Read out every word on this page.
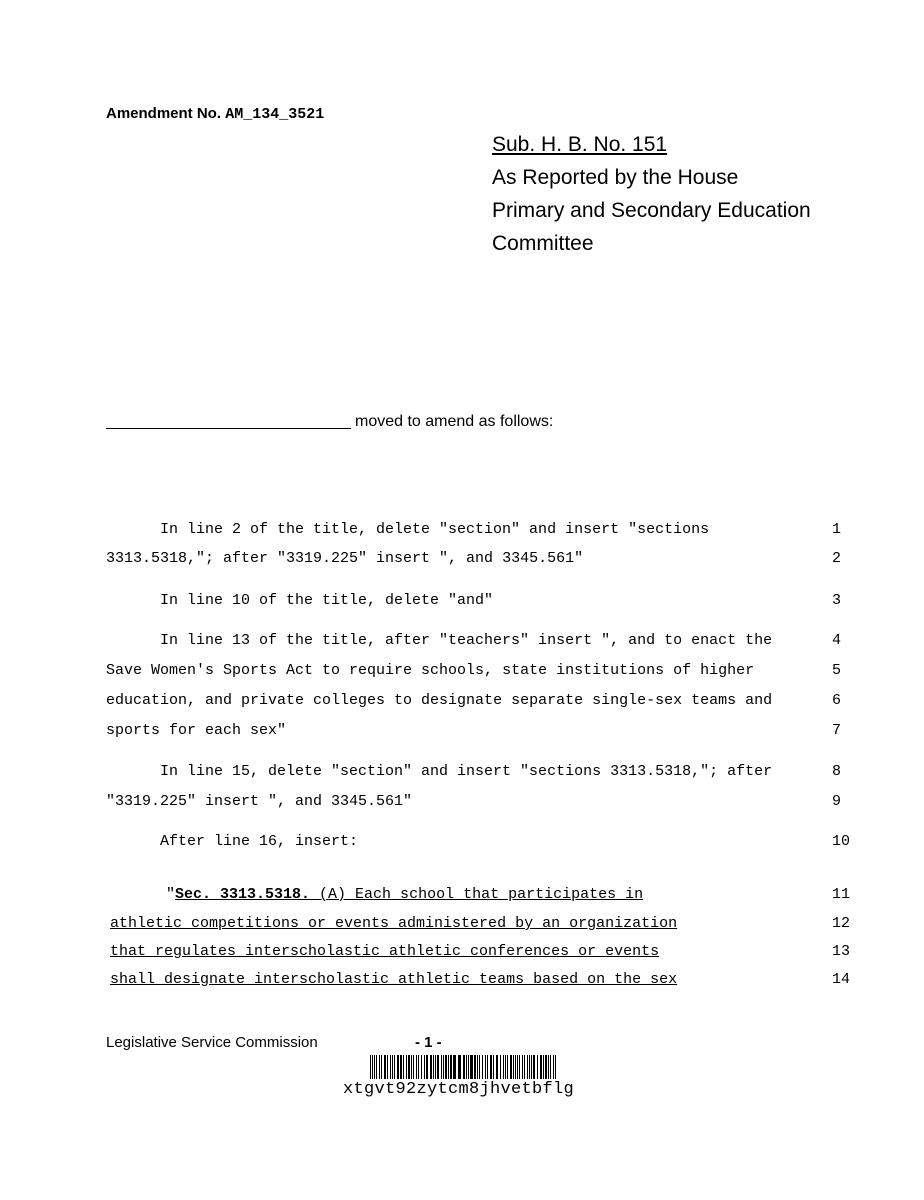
Amendment No. AM_134_3521
Sub. H. B. No. 151
As Reported by the House
Primary and Secondary Education
Committee
moved to amend as follows:
In line 2 of the title, delete "section" and insert "sections	1
3313.5318,"; after "3319.225" insert ", and 3345.561"	2
In line 10 of the title, delete "and"	3
In line 13 of the title, after "teachers" insert ", and to enact the	4
Save Women's Sports Act to require schools, state institutions of higher	5
education, and private colleges to designate separate single-sex teams and	6
sports for each sex"	7
In line 15, delete "section" and insert "sections 3313.5318,"; after	8
"3319.225" insert ", and 3345.561"	9
After line 16, insert:	10
"Sec. 3313.5318. (A) Each school that participates in	11
athletic competitions or events administered by an organization	12
that regulates interscholastic athletic conferences or events	13
shall designate interscholastic athletic teams based on the sex	14
Legislative Service Commission	- 1 -
xtgvt92zytcm8jhvetbflg
